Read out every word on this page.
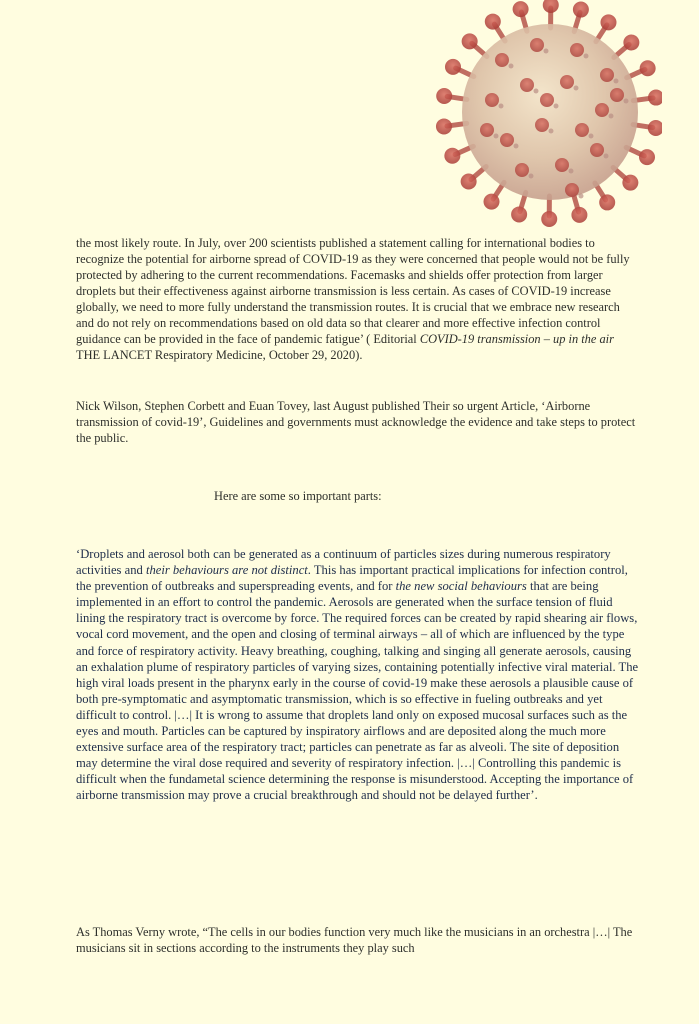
the most likely route. In July, over 200 scientists published a statement calling for international bodies to recognize the potential for airborne spread of COVID-19 as they were concerned that people would not be fully protected by adhering to the current recommendations. Facemasks and shields offer protection from larger droplets but their effectiveness against airborne transmission is less certain. As cases of COVID-19 increase globally, we need to more fully understand the transmission routes. It is crucial that we embrace new research and do not rely on recommendations based on old data so that clearer and more effective infection control guidance can be provided in the face of pandemic fatigue’ ( Editorial COVID-19 transmission – up in the air THE LANCET Respiratory Medicine, October 29, 2020).

Nick Wilson, Stephen Corbett and Euan Tovey, last August published Their so urgent Article, ‘Airborne transmission of covid-19’, Guidelines and governments must acknowledge the evidence and take steps to protect the public.

Here are some so important parts:

‘Droplets and aerosol both can be generated as a continuum of particles sizes during numerous respiratory activities and their behaviours are not distinct. This has important practical implications for infection control, the prevention of outbreaks and superspreading events, and for the new social behaviours that are being implemented in an effort to control the pandemic. Aerosols are generated when the surface tension of fluid lining the respiratory tract is overcome by force. The required forces can be created by rapid shearing air flows, vocal cord movement, and the open and closing of terminal airways – all of which are influenced by the type and force of respiratory activity. Heavy breathing, coughing, talking and singing all generate aerosols, causing an exhalation plume of respiratory particles of varying sizes, containing potentially infective viral material. The high viral loads present in the pharynx early in the course of covid-19 make these aerosols a plausible cause of both pre-symptomatic and asymptomatic transmission, which is so effective in fueling outbreaks and yet difficult to control. |…| It is wrong to assume that droplets land only on exposed mucosal surfaces such as the eyes and mouth. Particles can be captured by inspiratory airflows and are deposited along the much more extensive surface area of the respiratory tract; particles can penetrate as far as alveoli. The site of deposition may determine the viral dose required and severity of respiratory infection. |…| Controlling this pandemic is difficult when the fundametal science determining the response is misunderstood. Accepting the importance of airborne transmission may prove a crucial breakthrough and should not be delayed further’.

As Thomas Verny wrote, “The cells in our bodies function very much like the musicians in an orchestra |…| The musicians sit in sections according to the instruments they play such
